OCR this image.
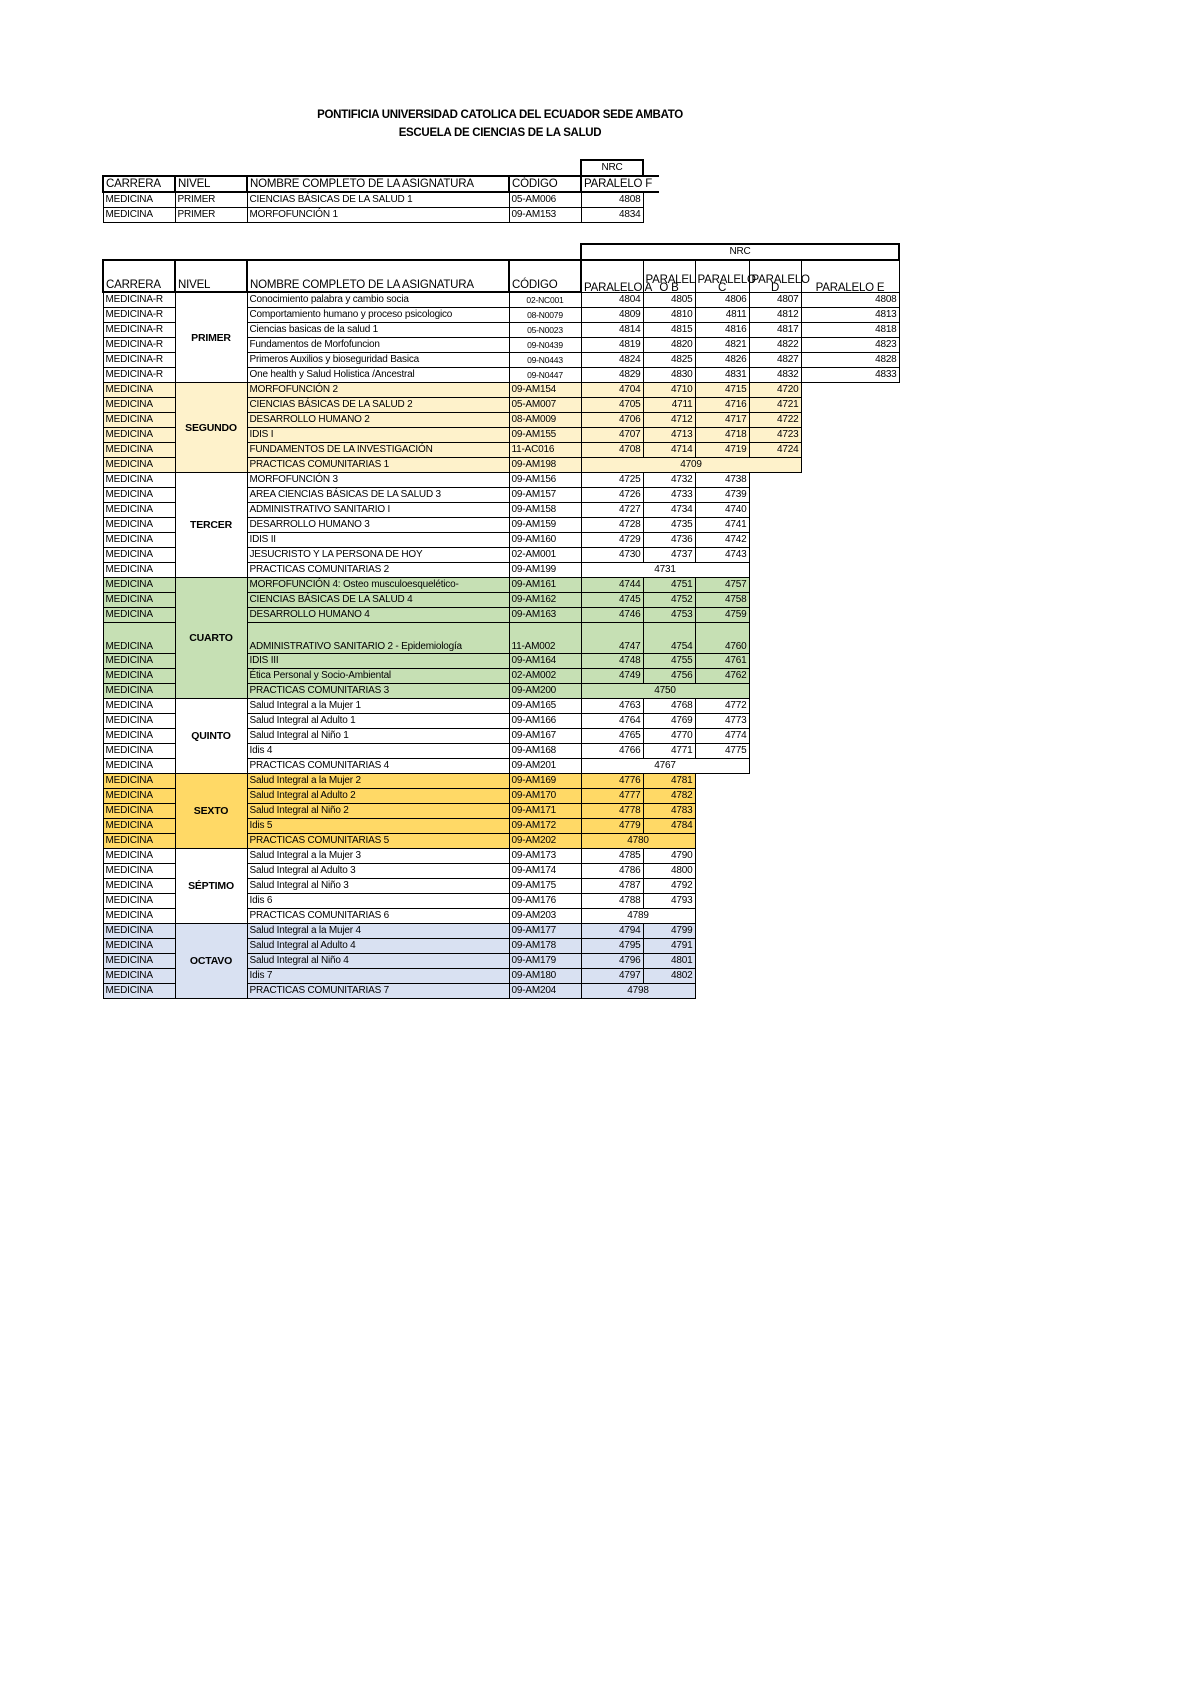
PONTIFICIA UNIVERSIDAD CATOLICA DEL ECUADOR SEDE AMBATO
ESCUELA DE CIENCIAS DE LA SALUD
				NRC	
CARRERA	NIVEL	NOMBRE COMPLETO DE LA ASIGNATURA	CÓDIGO	PARALELO F	
MEDICINA	PRIMER	CIENCIAS BÁSICAS DE LA SALUD 1	05-AM006	4808	
MEDICINA	PRIMER	MORFOFUNCIÓN 1	09-AM153	4834	
				NRC				
CARRERA	NIVEL	NOMBRE COMPLETO DE LA ASIGNATURA	CÓDIGO	PARALELO A	PARALEL O B	PARALELO C	PARALELO D	PARALELO E
MEDICINA-R	PRIMER	Conocimiento palabra y cambio socia	02-NC001	4804	4805	4806	4807	4808
MEDICINA-R		Comportamiento humano y proceso psicologico	08-N0079	4809	4810	4811	4812	4813
MEDICINA-R		Ciencias basicas de la salud 1	05-N0023	4814	4815	4816	4817	4818
MEDICINA-R		Fundamentos de Morfofuncion	09-N0439	4819	4820	4821	4822	4823
MEDICINA-R		Primeros Auxilios y bioseguridad Basica	09-N0443	4824	4825	4826	4827	4828
MEDICINA-R		One health y Salud Holistica /Ancestral	09-N0447	4829	4830	4831	4832	4833
MEDICINA	SEGUNDO	MORFOFUNCIÓN 2	09-AM154	4704	4710	4715	4720	
MEDICINA		CIENCIAS BÁSICAS DE LA SALUD 2	05-AM007	4705	4711	4716	4721	
MEDICINA		DESARROLLO HUMANO 2	08-AM009	4706	4712	4717	4722	
MEDICINA		IDIS I	09-AM155	4707	4713	4718	4723	
MEDICINA		FUNDAMENTOS DE LA INVESTIGACIÓN	11-AC016	4708	4714	4719	4724	
MEDICINA		PRACTICAS COMUNITARIAS 1	09-AM198	4709				
MEDICINA	TERCER	MORFOFUNCIÓN 3	09-AM156	4725	4732	4738		
MEDICINA		AREA CIENCIAS BÁSICAS DE LA SALUD 3	09-AM157	4726	4733	4739		
MEDICINA		ADMINISTRATIVO SANITARIO I	09-AM158	4727	4734	4740		
MEDICINA		DESARROLLO HUMANO 3	09-AM159	4728	4735	4741		
MEDICINA		IDIS II	09-AM160	4729	4736	4742		
MEDICINA		JESUCRISTO Y LA PERSONA DE HOY	02-AM001	4730	4737	4743		
MEDICINA		PRACTICAS COMUNITARIAS 2	09-AM199	4731				
MEDICINA	CUARTO	MORFOFUNCIÓN 4: Osteo musculoesquelético-	09-AM161	4744	4751	4757		
MEDICINA		CIENCIAS BÁSICAS DE LA SALUD 4	09-AM162	4745	4752	4758		
MEDICINA		DESARROLLO HUMANO 4	09-AM163	4746	4753	4759		
MEDICINA		ADMINISTRATIVO SANITARIO 2 - Epidemiología	11-AM002	4747	4754	4760		
MEDICINA		IDIS III	09-AM164	4748	4755	4761		
MEDICINA		Ética Personal y Socio-Ambiental	02-AM002	4749	4756	4762		
MEDICINA		PRACTICAS COMUNITARIAS 3	09-AM200	4750				
MEDICINA	QUINTO	Salud Integral a la Mujer 1	09-AM165	4763	4768	4772		
MEDICINA		Salud Integral al Adulto 1	09-AM166	4764	4769	4773		
MEDICINA		Salud Integral al Niño 1	09-AM167	4765	4770	4774		
MEDICINA		Idis 4	09-AM168	4766	4771	4775		
MEDICINA		PRACTICAS COMUNITARIAS 4	09-AM201	4767				
MEDICINA	SEXTO	Salud Integral a la Mujer 2	09-AM169	4776	4781			
MEDICINA		Salud Integral al Adulto 2	09-AM170	4777	4782			
MEDICINA		Salud Integral al Niño 2	09-AM171	4778	4783			
MEDICINA		Idis 5	09-AM172	4779	4784			
MEDICINA		PRACTICAS COMUNITARIAS 5	09-AM202	4780				
MEDICINA	SÉPTIMO	Salud Integral a la Mujer 3	09-AM173	4785	4790			
MEDICINA		Salud Integral al Adulto 3	09-AM174	4786	4800			
MEDICINA		Salud Integral al Niño 3	09-AM175	4787	4792			
MEDICINA		Idis 6	09-AM176	4788	4793			
MEDICINA		PRACTICAS COMUNITARIAS 6	09-AM203	4789				
MEDICINA	OCTAVO	Salud Integral a la Mujer 4	09-AM177	4794	4799			
MEDICINA		Salud Integral al Adulto 4	09-AM178	4795	4791			
MEDICINA		Salud Integral al Niño 4	09-AM179	4796	4801			
MEDICINA		Idis 7	09-AM180	4797	4802			
MEDICINA		PRACTICAS COMUNITARIAS 7	09-AM204	4798				
